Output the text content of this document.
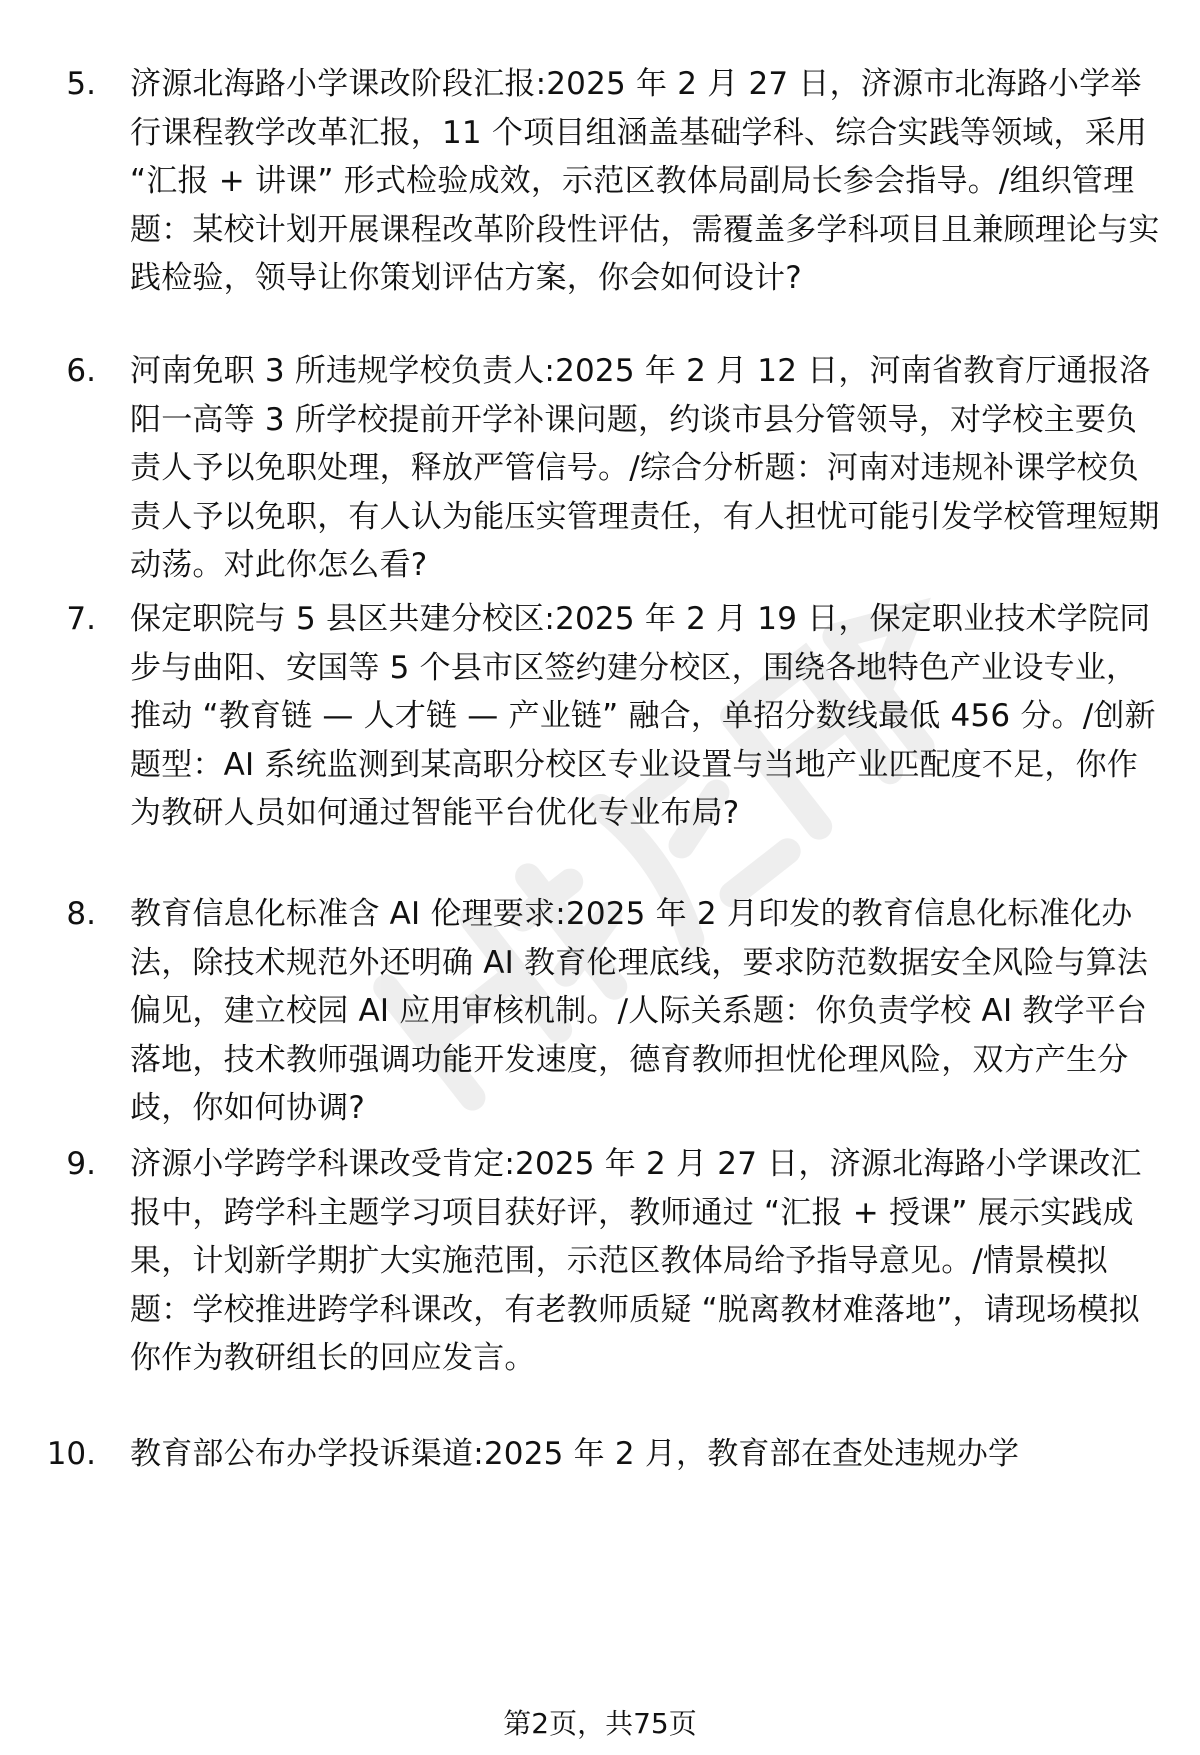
5. 济源北海路小学课改阶段汇报:2025 年 2 月 27 日，济源市北海路小学举行课程教学改革汇报，11 个项目组涵盖基础学科、综合实践等领域，采用 “汇报 + 讲课” 形式检验成效，示范区教体局副局长参会指导。/组织管理题：某校计划开展课程改革阶段性评估，需覆盖多学科项目且兼顾理论与实践检验，领导让你策划评估方案，你会如何设计?
6. 河南免职 3 所违规学校负责人:2025 年 2 月 12 日，河南省教育厅通报洛阳一高等 3 所学校提前开学补课问题，约谈市县分管领导，对学校主要负责人予以免职处理，释放严管信号。/综合分析题：河南对违规补课学校负责人予以免职，有人认为能压实管理责任，有人担忧可能引发学校管理短期动荡。对此你怎么看?
7. 保定职院与 5 县区共建分校区:2025 年 2 月 19 日，保定职业技术学院同步与曲阳、安国等 5 个县市区签约建分校区，围绕各地特色产业设专业，推动 “教育链 — 人才链 — 产业链” 融合，单招分数线最低 456 分。/创新题型：AI 系统监测到某高职分校区专业设置与当地产业匹配度不足，你作为教研人员如何通过智能平台优化专业布局?
8. 教育信息化标准含 AI 伦理要求:2025 年 2 月印发的教育信息化标准化办法，除技术规范外还明确 AI 教育伦理底线，要求防范数据安全风险与算法偏见，建立校园 AI 应用审核机制。/人际关系题：你负责学校 AI 教学平台落地，技术教师强调功能开发速度，德育教师担忧伦理风险，双方产生分歧，你如何协调?
9. 济源小学跨学科课改受肯定:2025 年 2 月 27 日，济源北海路小学课改汇报中，跨学科主题学习项目获好评，教师通过 “汇报 + 授课” 展示实践成果，计划新学期扩大实施范围，示范区教体局给予指导意见。/情景模拟题：学校推进跨学科课改，有老教师质疑 “脱离教材难落地”，请现场模拟你作为教研组长的回应发言。
10. 教育部公布办学投诉渠道:2025 年 2 月，教育部在查处违规办学
第2页，共75页
